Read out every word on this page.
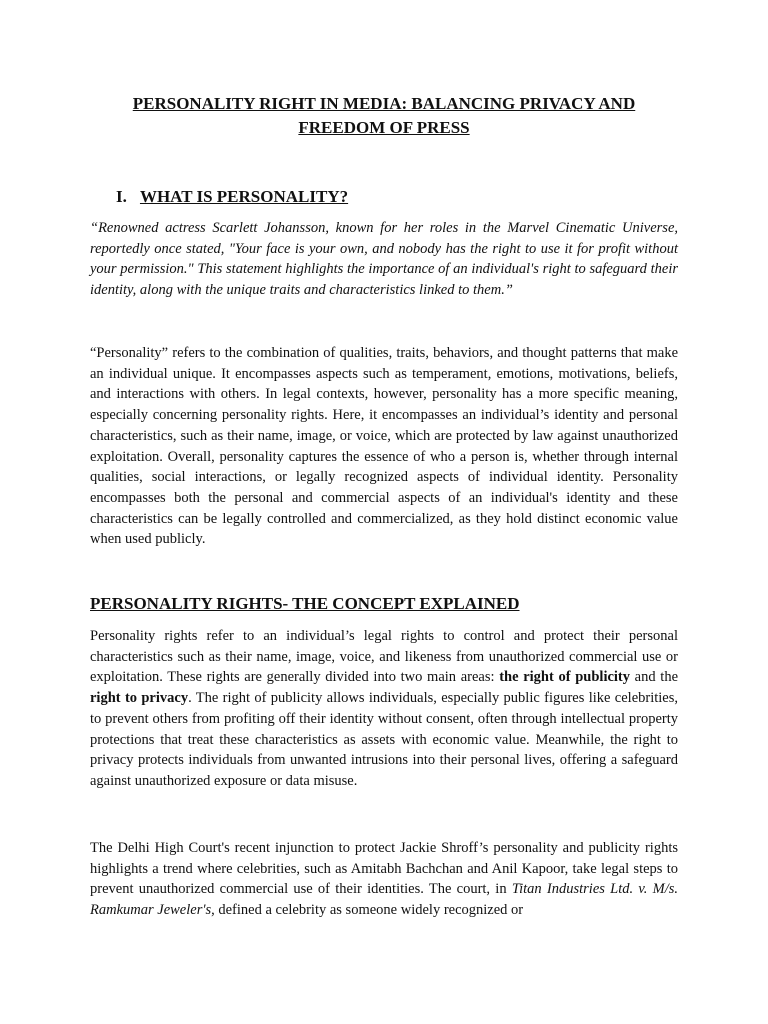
PERSONALITY RIGHT IN MEDIA: BALANCING PRIVACY AND FREEDOM OF PRESS
I. WHAT IS PERSONALITY?

“Renowned actress Scarlett Johansson, known for her roles in the Marvel Cinematic Universe, reportedly once stated, "Your face is your own, and nobody has the right to use it for profit without your permission." This statement highlights the importance of an individual's right to safeguard their identity, along with the unique traits and characteristics linked to them.”

“Personality” refers to the combination of qualities, traits, behaviors, and thought patterns that make an individual unique. It encompasses aspects such as temperament, emotions, motivations, beliefs, and interactions with others. In legal contexts, however, personality has a more specific meaning, especially concerning personality rights. Here, it encompasses an individual’s identity and personal characteristics, such as their name, image, or voice, which are protected by law against unauthorized exploitation. Overall, personality captures the essence of who a person is, whether through internal qualities, social interactions, or legally recognized aspects of individual identity. Personality encompasses both the personal and commercial aspects of an individual's identity and these characteristics can be legally controlled and commercialized, as they hold distinct economic value when used publicly.

PERSONALITY RIGHTS- THE CONCEPT EXPLAINED

Personality rights refer to an individual’s legal rights to control and protect their personal characteristics such as their name, image, voice, and likeness from unauthorized commercial use or exploitation. These rights are generally divided into two main areas: the right of publicity and the right to privacy. The right of publicity allows individuals, especially public figures like celebrities, to prevent others from profiting off their identity without consent, often through intellectual property protections that treat these characteristics as assets with economic value. Meanwhile, the right to privacy protects individuals from unwanted intrusions into their personal lives, offering a safeguard against unauthorized exposure or data misuse.

The Delhi High Court's recent injunction to protect Jackie Shroff’s personality and publicity rights highlights a trend where celebrities, such as Amitabh Bachchan and Anil Kapoor, take legal steps to prevent unauthorized commercial use of their identities. The court, in Titan Industries Ltd. v. M/s. Ramkumar Jeweler's, defined a celebrity as someone widely recognized or
